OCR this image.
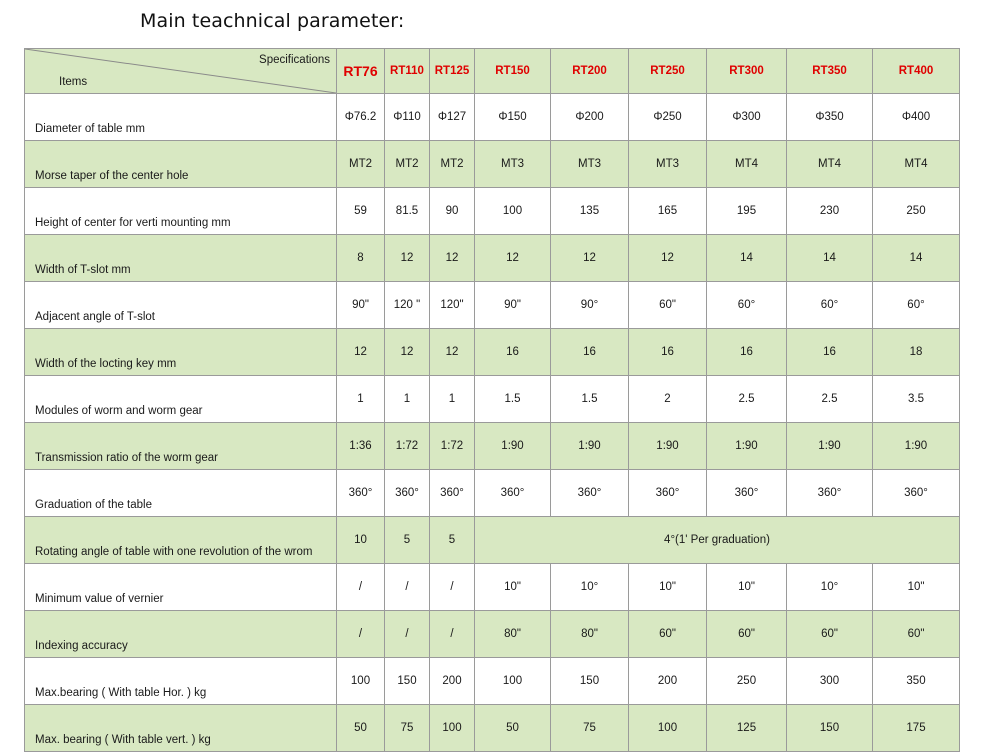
Main teachnical parameter:
Specifications
Items	RT76	RT110	RT125	RT150	RT200	RT250	RT300	RT350	RT400
Diameter of table mm	Φ76.2	Φ110	Φ127	Φ150	Φ200	Φ250	Φ300	Φ350	Φ400
Morse taper of the center hole	MT2	MT2	MT2	MT3	MT3	MT3	MT4	MT4	MT4
Height of center for verti mounting mm	59	81.5	90	100	135	165	195	230	250
Width of T-slot mm	8	12	12	12	12	12	14	14	14
Adjacent angle of T-slot	90"	120 "	120"	90"	90°	60"	60°	60°	60°
Width of the locting key mm	12	12	12	16	16	16	16	16	18
Modules of worm and worm gear	1	1	1	1.5	1.5	2	2.5	2.5	3.5
Transmission ratio of the worm gear	1:36	1:72	1:72	1:90	1:90	1:90	1:90	1:90	1:90
Graduation of the table	360°	360°	360°	360°	360°	360°	360°	360°	360°
Rotating angle of table with one revolution of the wrom	10	5	5	4°(1' Per graduation)					
Minimum value of vernier	/	/	/	10"	10°	10"	10"	10°	10"
Indexing accuracy	/	/	/	80"	80"	60"	60"	60"	60"
Max.bearing ( With table Hor. ) kg	100	150	200	100	150	200	250	300	350
Max. bearing ( With table vert. ) kg	50	75	100	50	75	100	125	150	175
